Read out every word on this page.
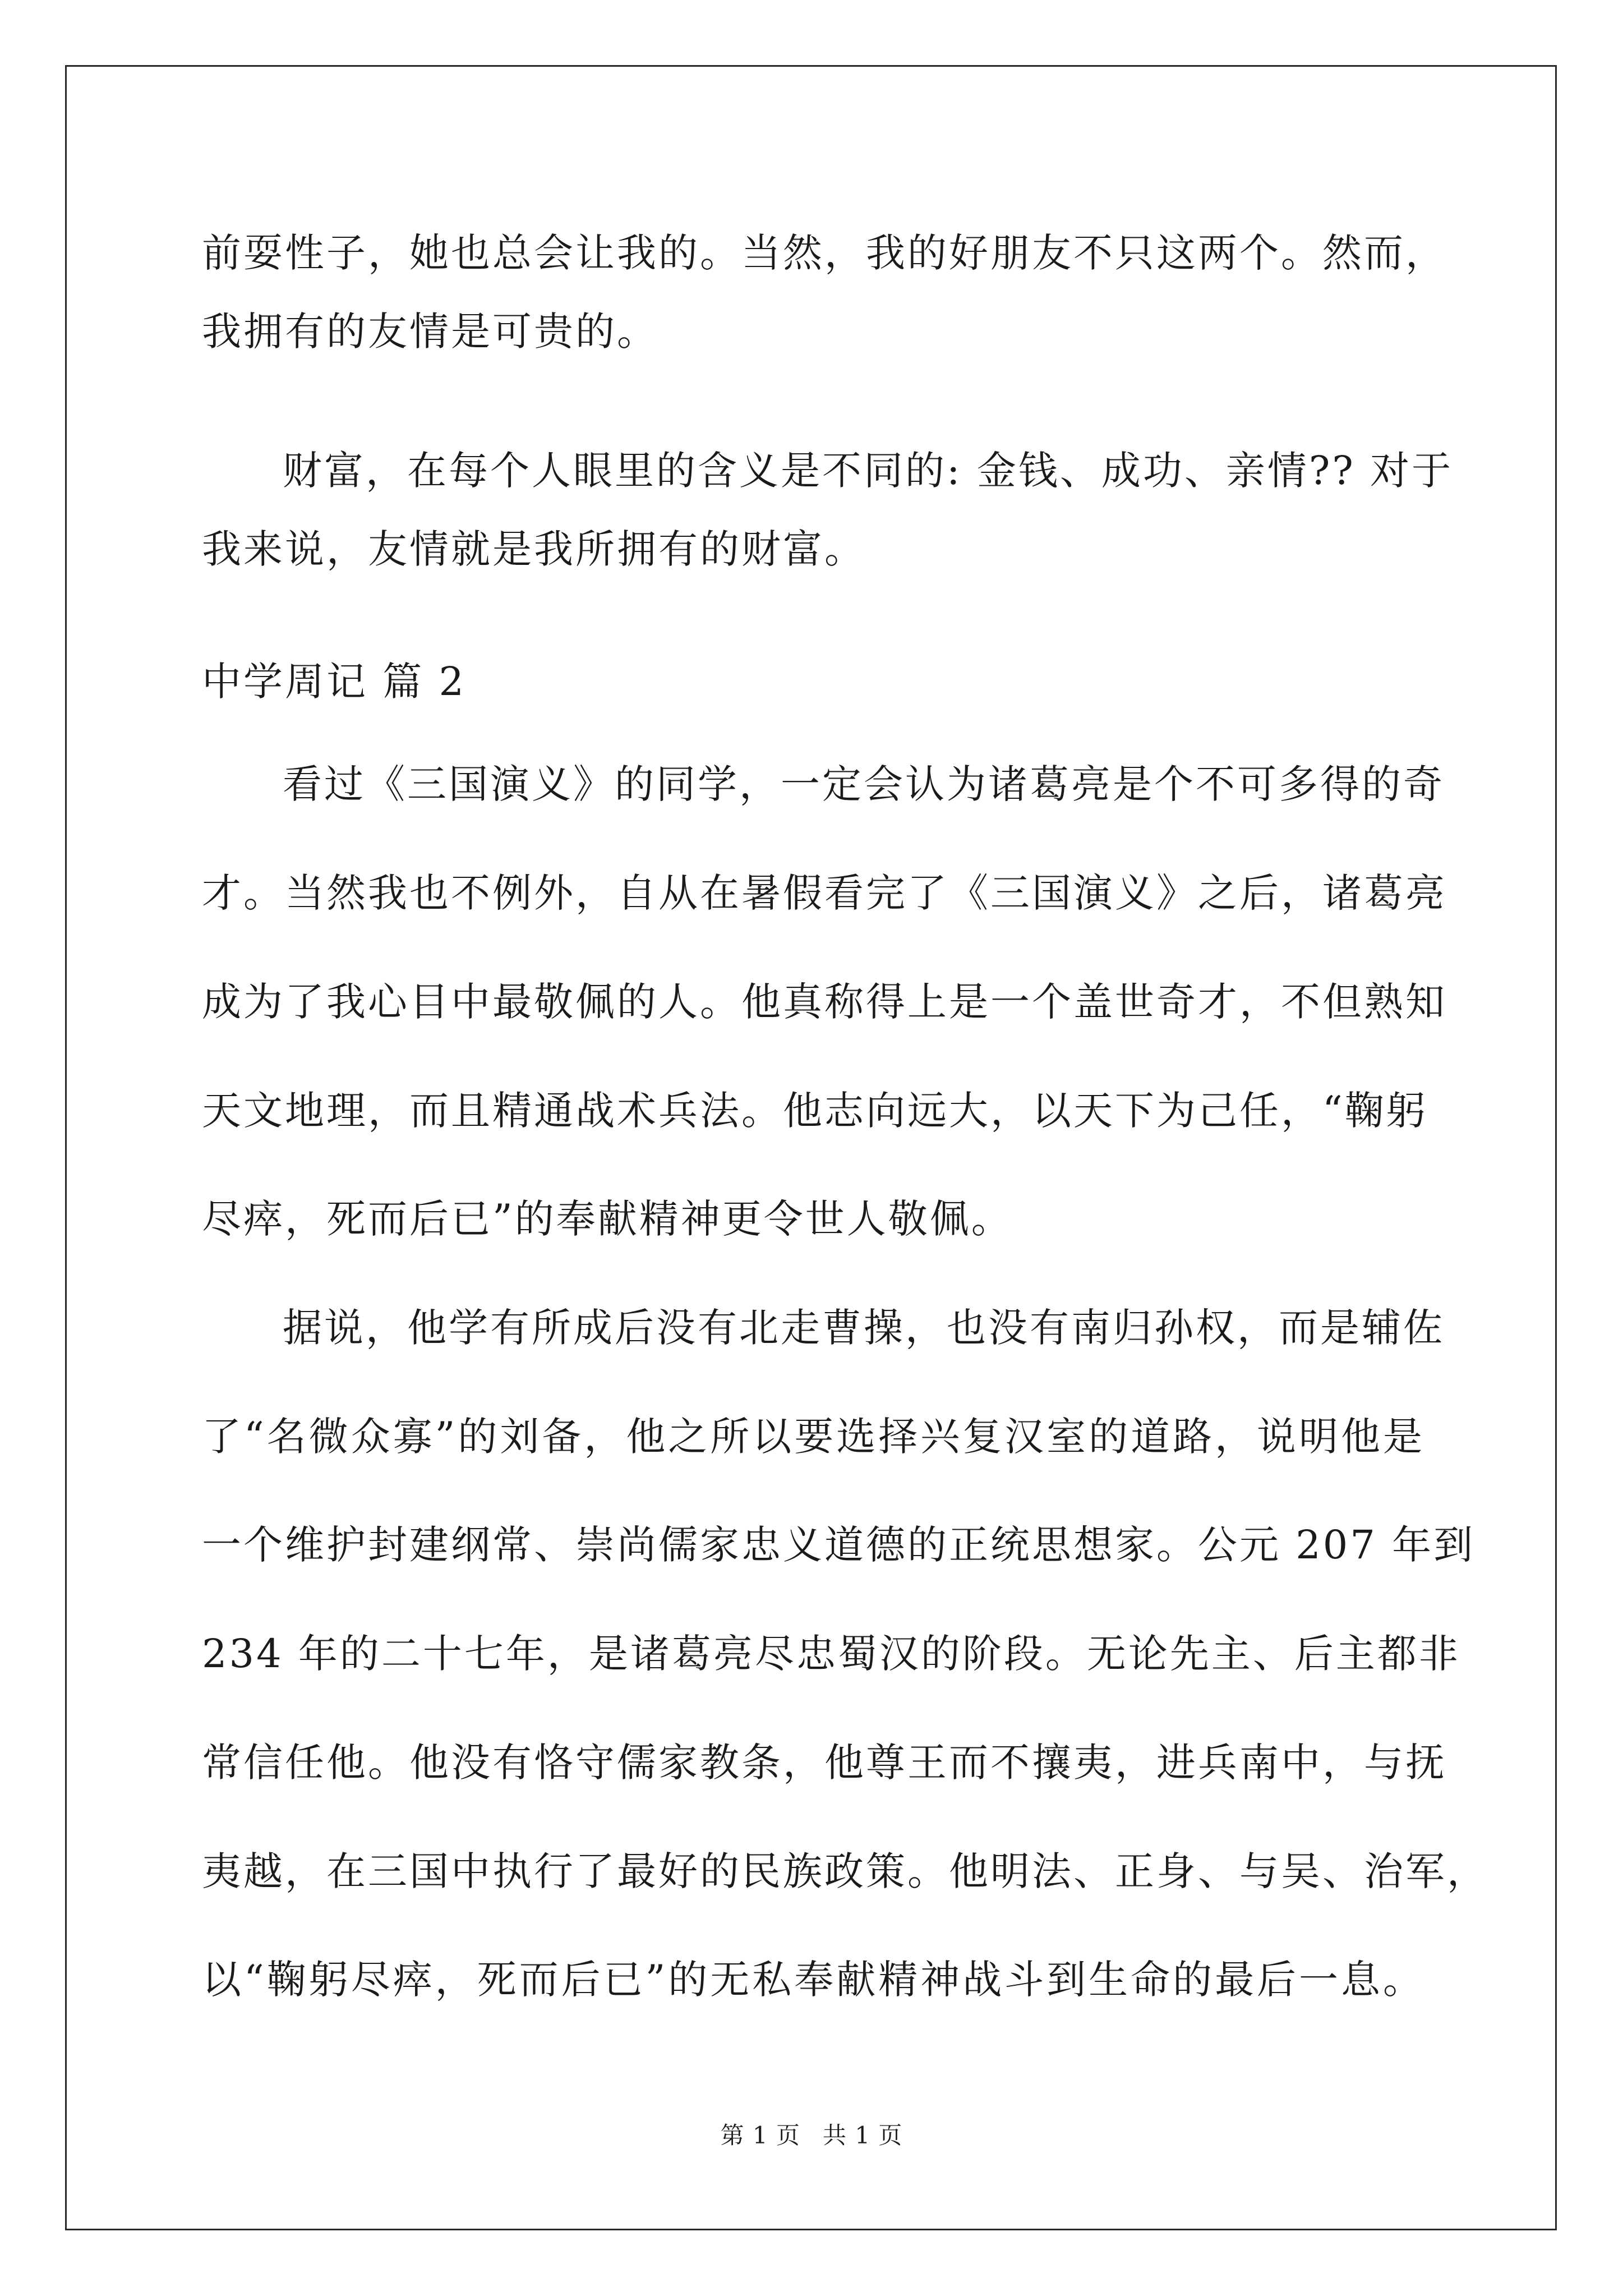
前耍性子，她也总会让我的。当然，我的好朋友不只这两个。然而，
我拥有的友情是可贵的。
财富，在每个人眼里的含义是不同的: 金钱、成功、亲情?? 对于
我来说，友情就是我所拥有的财富。
中学周记 篇 2
看过《三国演义》的同学，一定会认为诸葛亮是个不可多得的奇
才。当然我也不例外，自从在暑假看完了《三国演义》之后，诸葛亮
成为了我心目中最敬佩的人。他真称得上是一个盖世奇才，不但熟知
天文地理，而且精通战术兵法。他志向远大，以天下为己任，“鞠躬
尽瘁，死而后已”的奉献精神更令世人敬佩。
据说，他学有所成后没有北走曹操，也没有南归孙权，而是辅佐
了“名微众寡”的刘备，他之所以要选择兴复汉室的道路，说明他是
一个维护封建纲常、崇尚儒家忠义道德的正统思想家。公元 207 年到
234 年的二十七年，是诸葛亮尽忠蜀汉的阶段。无论先主、后主都非
常信任他。他没有恪守儒家教条，他尊王而不攘夷，进兵南中，与抚
夷越，在三国中执行了最好的民族政策。他明法、正身、与吴、治军，
以“鞠躬尽瘁，死而后已”的无私奉献精神战斗到生命的最后一息。
第 1 页 共 1 页
